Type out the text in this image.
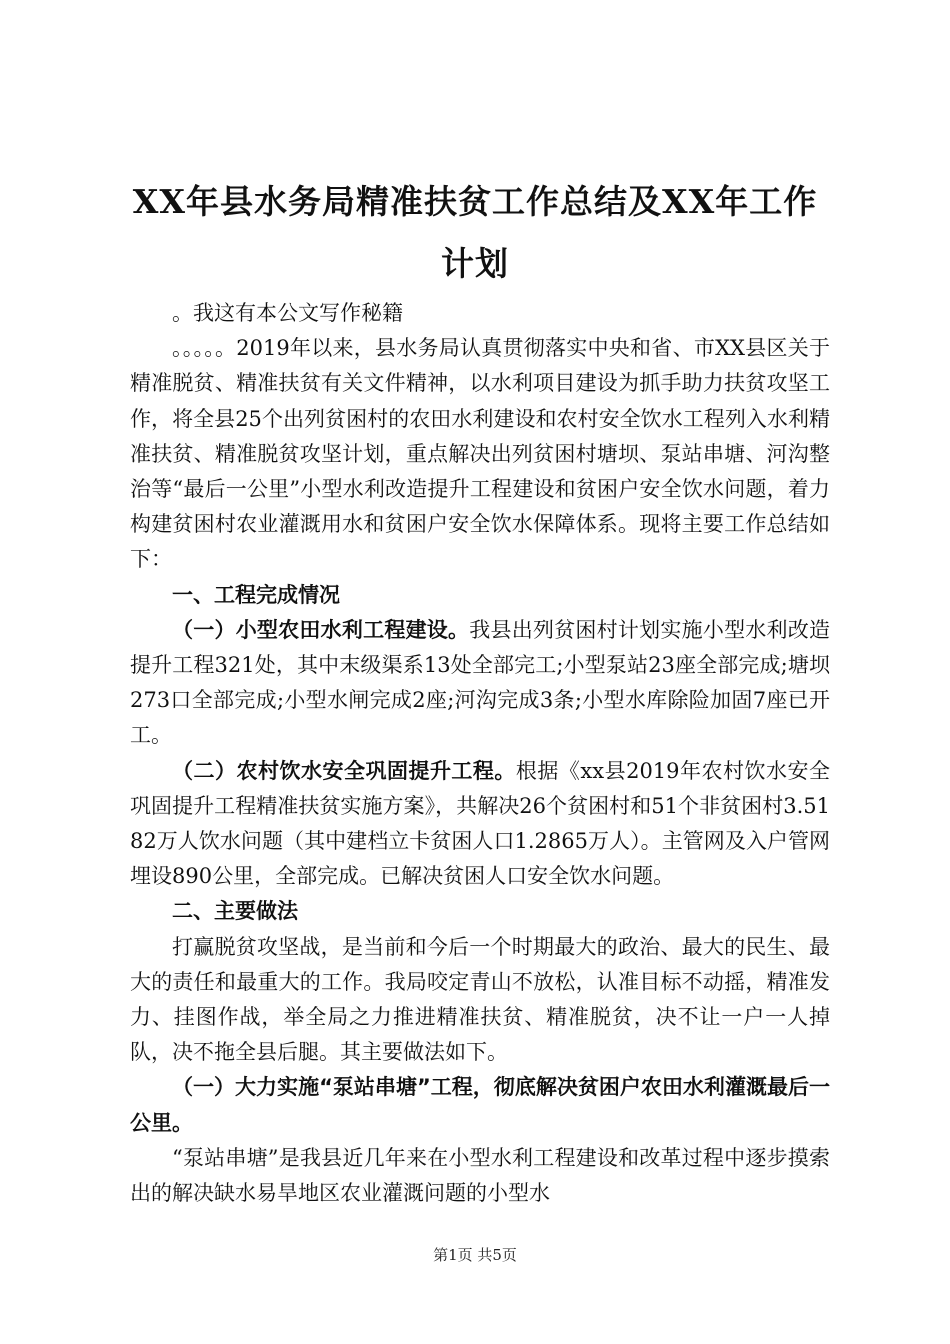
XX年县水务局精准扶贫工作总结及XX年工作
计划

。我这有本公文写作秘籍

。。。。。2019年以来，县水务局认真贯彻落实中央和省、市XX县区关于精准脱贫、精准扶贫有关文件精神，以水利项目建设为抓手助力扶贫攻坚工作，将全县25个出列贫困村的农田水利建设和农村安全饮水工程列入水利精准扶贫、精准脱贫攻坚计划，重点解决出列贫困村塘坝、泵站串塘、河沟整治等“最后一公里”小型水利改造提升工程建设和贫困户安全饮水问题，着力构建贫困村农业灌溉用水和贫困户安全饮水保障体系。现将主要工作总结如下：

一、工程完成情况

（一）小型农田水利工程建设。我县出列贫困村计划实施小型水利改造提升工程321处，其中末级渠系13处全部完工;小型泵站23座全部完成;塘坝273口全部完成;小型水闸完成2座;河沟完成3条;小型水库除险加固7座已开工。

（二）农村饮水安全巩固提升工程。根据《xx县2019年农村饮水安全巩固提升工程精准扶贫实施方案》，共解决26个贫困村和51个非贫困村3.5182万人饮水问题（其中建档立卡贫困人口1.2865万人）。主管网及入户管网埋设890公里，全部完成。已解决贫困人口安全饮水问题。

二、主要做法

打赢脱贫攻坚战，是当前和今后一个时期最大的政治、最大的民生、最大的责任和最重大的工作。我局咬定青山不放松，认准目标不动摇，精准发力、挂图作战，举全局之力推进精准扶贫、精准脱贫，决不让一户一人掉队，决不拖全县后腿。其主要做法如下。

（一）大力实施“泵站串塘”工程，彻底解决贫困户农田水利灌溉最后一公里。

“泵站串塘”是我县近几年来在小型水利工程建设和改革过程中逐步摸索出的解决缺水易旱地区农业灌溉问题的小型水

第1页 共5页
